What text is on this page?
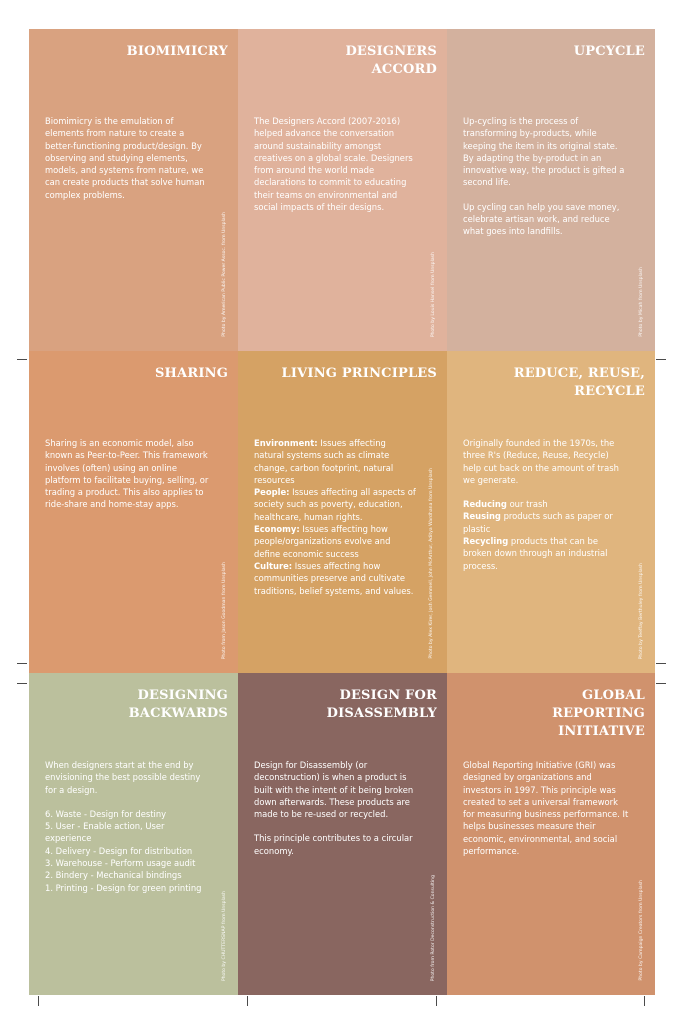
BIOMIMICRY

Biomimicry is the emulation of elements from nature to create a better-functioning product/design. By observing and studying elements, models, and systems from nature, we can create products that solve human complex problems.

Photo by American Public Power Assoc. from Unsplash
DESIGNERS ACCORD

The Designers Accord (2007-2016) helped advance the conversation around sustainability amongst creatives on a global scale. Designers from around the world made declarations to commit to educating their teams on environmental and social impacts of their designs.

Photo by Louis Hansel from Unsplash
UPCYCLE

Up-cycling is the process of transforming by-products, while keeping the item in its original state. By adapting the by-product in an innovative way, the product is gifted a second life.

Up cycling can help you save money, celebrate artisan work, and reduce what goes into landfills.

Photo by Micah from Unsplash
SHARING

Sharing is an economic model, also known as Peer-to-Peer. This framework involves (often) using an online platform to facilitate buying, selling, or trading a product. This also applies to ride-share and home-stay apps.

Photo from Jason Goodman from Unsplash
LIVING PRINCIPLES
Environment: Issues affecting natural systems such as climate change, carbon footprint, natural resources
People: Issues affecting all aspects of society such as poverty, education, healthcare, human rights.
Economy: Issues affecting how people/organizations evolve and define economic success
Culture: Issues affecting how communities preserve and cultivate traditions, belief systems, and values.	Photo by Alex Kirer, Josh Gemmell, John McArthur, Aditya Wardhana from Unsplash
REDUCE, REUSE, RECYCLE

Originally founded in the 1970s, the three R's (Reduce, Reuse, Recycle) help cut back on the amount of trash we generate.

Reducing our trash
Reusing products such as paper or plastic
Recycling products that can be broken down through an industrial process.	Photo by Teeffay Berthuley from Unsplash
DESIGNING BACKWARDS

When designers start at the end by envisioning the best possible destiny for a design.

6. Waste - Design for destiny
5. User - Enable action, User experience
4. Delivery - Design for distribution
3. Warehouse - Perform usage audit
2. Bindery - Mechanical bindings
1. Printing - Design for green printing
Photo by CHUTTERSNAP from Unsplash
DESIGN FOR DISASSEMBLY

Design for Disassembly (or deconstruction) is when a product is built with the intent of it being broken down afterwards. These products are made to be re-used or recycled.

This principle contributes to a circular economy.

Photo from Rotor Deconstruction & Consulting
GLOBAL REPORTING INITIATIVE

Global Reporting Initiative (GRI) was designed by organizations and investors in 1997. This principle was created to set a universal framework for measuring business performance. It helps businesses measure their economic, environmental, and social performance.

Photo by Campaign Creators from Unsplash
